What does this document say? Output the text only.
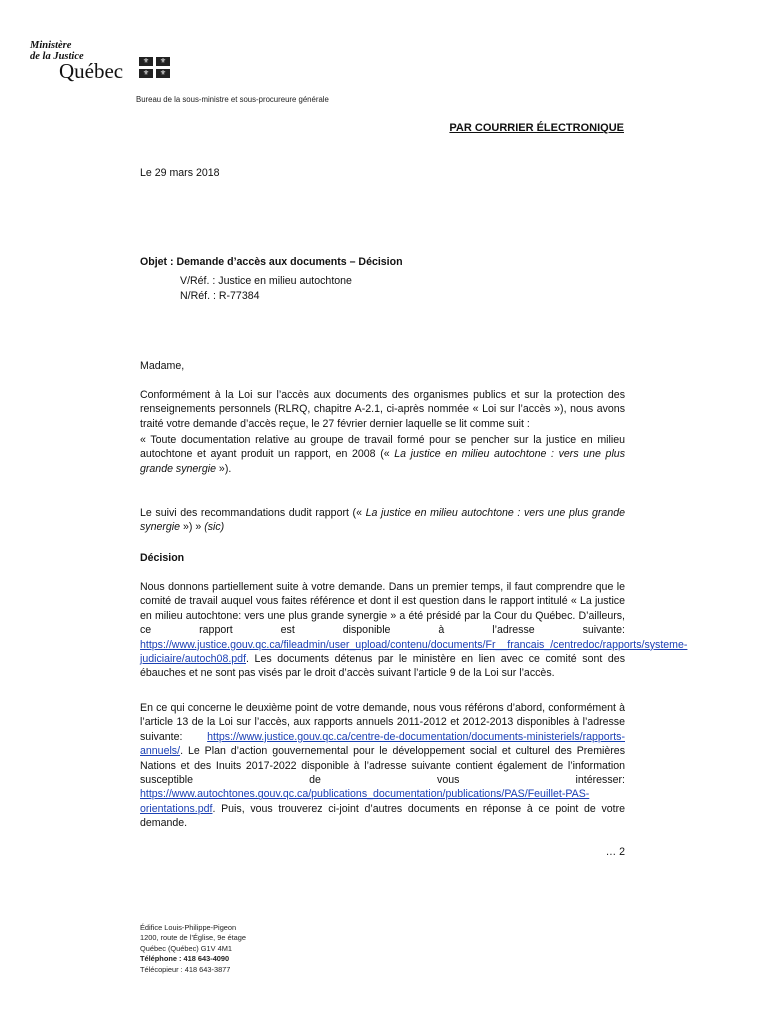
Ministère
de la Justice
Québec	⚜	⚜
⚜	⚜
Bureau de la sous-ministre et sous-procureure générale
PAR COURRIER ÉLECTRONIQUE
Le 29 mars 2018
Objet : Demande d’accès aux documents – Décision
V/Réf. : Justice en milieu autochtone
N/Réf. : R-77384
Madame,
Conformément à la Loi sur l’accès aux documents des organismes publics et sur la protection des renseignements personnels (RLRQ, chapitre A-2.1, ci-après nommée « Loi sur l’accès »), nous avons traité votre demande d’accès reçue, le 27 février dernier laquelle se lit comme suit :
« Toute documentation relative au groupe de travail formé pour se pencher sur la justice en milieu autochtone et ayant produit un rapport, en 2008 (« La justice en milieu autochtone : vers une plus grande synergie »).
Le suivi des recommandations dudit rapport (« La justice en milieu autochtone : vers une plus grande synergie ») » (sic)
Décision
Nous donnons partiellement suite à votre demande. Dans un premier temps, il faut comprendre que le comité de travail auquel vous faites référence et dont il est question dans le rapport intitulé « La justice en milieu autochtone: vers une plus grande synergie » a été présidé par la Cour du Québec. D’ailleurs, ce rapport est disponible à l’adresse suivante: https://www.justice.gouv.qc.ca/fileadmin/user_upload/contenu/documents/Fr__francais_/centredoc/rapports/systeme-judiciaire/autoch08.pdf. Les documents détenus par le ministère en lien avec ce comité sont des ébauches et ne sont pas visés par le droit d’accès suivant l’article 9 de la Loi sur l’accès.
En ce qui concerne le deuxième point de votre demande, nous vous référons d’abord, conformément à l’article 13 de la Loi sur l’accès, aux rapports annuels 2011-2012 et 2012-2013 disponibles à l’adresse suivante: https://www.justice.gouv.qc.ca/centre-de-documentation/documents-ministeriels/rapports-annuels/. Le Plan d’action gouvernemental pour le développement social et culturel des Premières Nations et des Inuits 2017-2022 disponible à l’adresse suivante contient également de l’information susceptible de vous intéresser: https://www.autochtones.gouv.qc.ca/publications_documentation/publications/PAS/Feuillet-PAS-orientations.pdf. Puis, vous trouverez ci-joint d’autres documents en réponse à ce point de votre demande.
… 2
Édifice Louis-Philippe-Pigeon
1200, route de l’Église, 9e étage
Québec (Québec) G1V 4M1
Téléphone : 418 643-4090
Télécopieur : 418 643-3877
